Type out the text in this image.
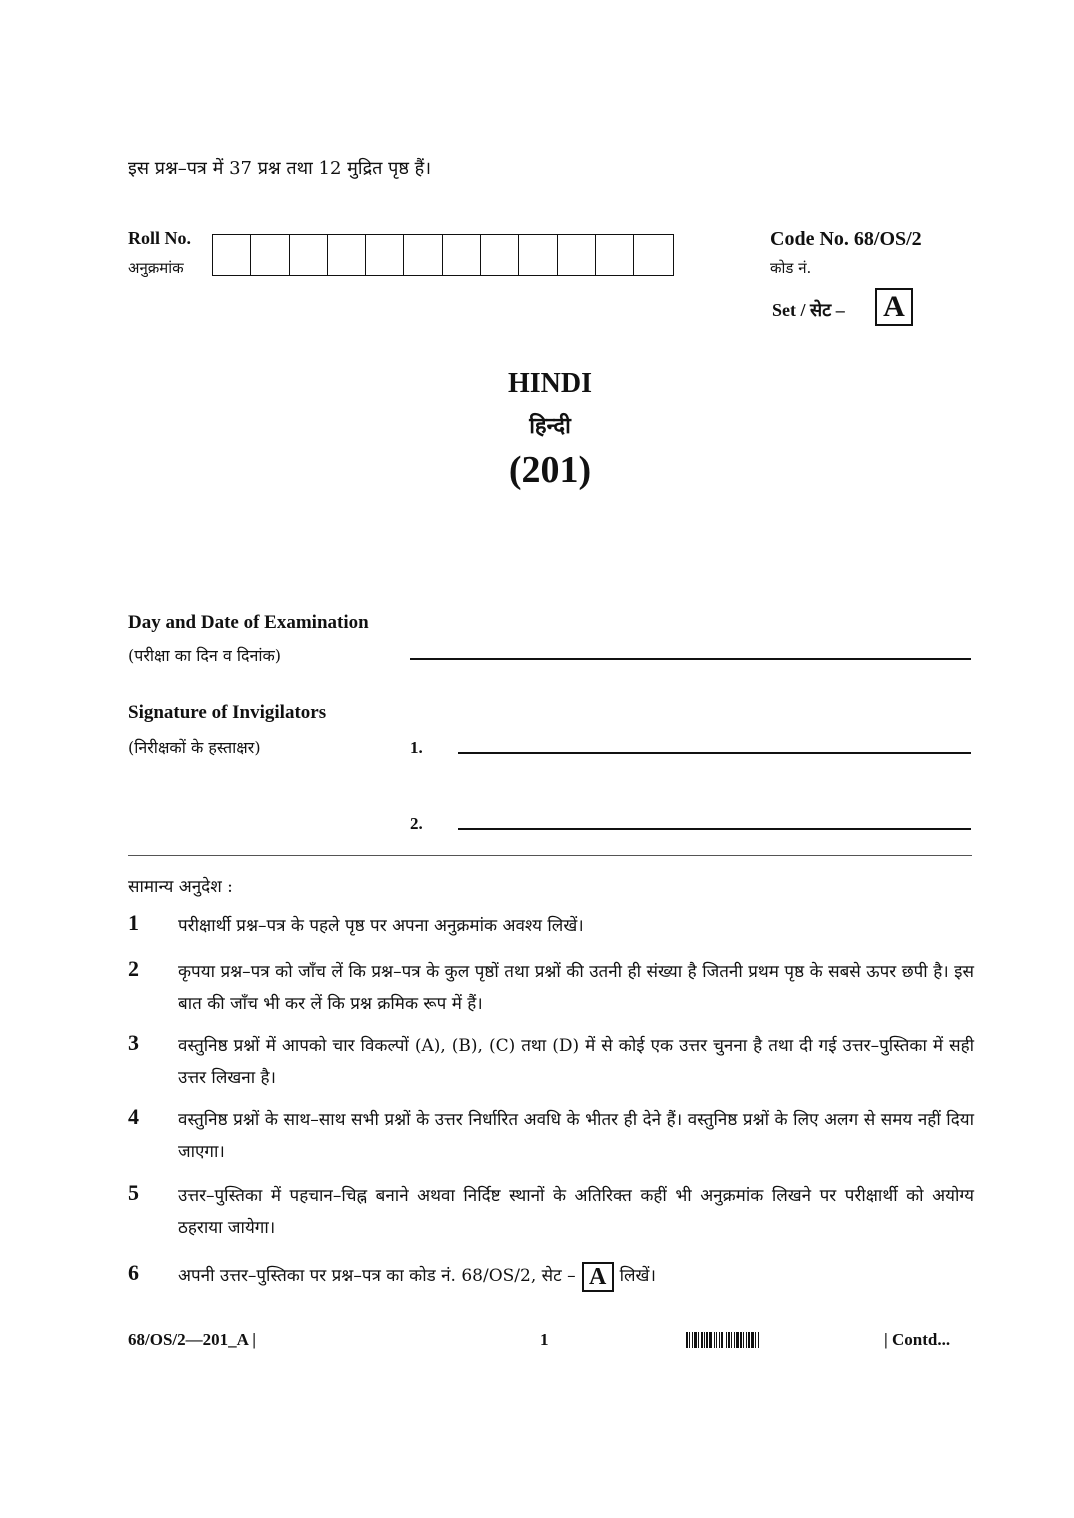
इस प्रश्न–पत्र में 37 प्रश्न तथा 12 मुद्रित पृष्ठ हैं।
Roll No.
अनुक्रमांक
Code No. 68/OS/2
कोड नं.
Set / सेट – A
HINDI
हिन्दी
(201)
Day and Date of Examination
(परीक्षा का दिन व दिनांक)
Signature of Invigilators
(निरीक्षकों के हस्ताक्षर)	1.
2.
सामान्य अनुदेश :
1	परीक्षार्थी प्रश्न–पत्र के पहले पृष्ठ पर अपना अनुक्रमांक अवश्य लिखें।
2	कृपया प्रश्न–पत्र को जाँच लें कि प्रश्न–पत्र के कुल पृष्ठों तथा प्रश्नों की उतनी ही संख्या है जितनी प्रथम पृष्ठ के सबसे ऊपर छपी है। इस बात की जाँच भी कर लें कि प्रश्न क्रमिक रूप में हैं।
3	वस्तुनिष्ठ प्रश्नों में आपको चार विकल्पों (A), (B), (C) तथा (D) में से कोई एक उत्तर चुनना है तथा दी गई उत्तर–पुस्तिका में सही उत्तर लिखना है।
4	वस्तुनिष्ठ प्रश्नों के साथ–साथ सभी प्रश्नों के उत्तर निर्धारित अवधि के भीतर ही देने हैं। वस्तुनिष्ठ प्रश्नों के लिए अलग से समय नहीं दिया जाएगा।
5	उत्तर–पुस्तिका में पहचान–चिह्न बनाने अथवा निर्दिष्ट स्थानों के अतिरिक्त कहीं भी अनुक्रमांक लिखने पर परीक्षार्थी को अयोग्य ठहराया जायेगा।
6	अपनी उत्तर–पुस्तिका पर प्रश्न–पत्र का कोड नं. 68/OS/2, सेट – A लिखें।
68/OS/2—201_A |	1	| Contd...
